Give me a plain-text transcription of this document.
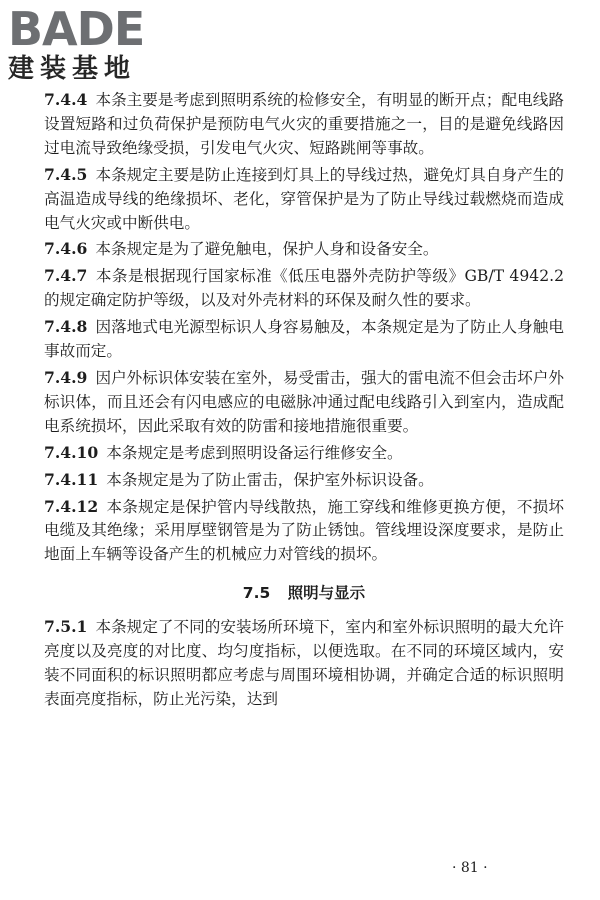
BADE
建装基地

7.4.4 本条主要是考虑到照明系统的检修安全，有明显的断开点；配电线路设置短路和过负荷保护是预防电气火灾的重要措施之一，目的是避免线路因过电流导致绝缘受损，引发电气火灾、短路跳闸等事故。

7.4.5 本条规定主要是防止连接到灯具上的导线过热，避免灯具自身产生的高温造成导线的绝缘损坏、老化，穿管保护是为了防止导线过载燃烧而造成电气火灾或中断供电。

7.4.6 本条规定是为了避免触电，保护人身和设备安全。

7.4.7 本条是根据现行国家标准《低压电器外壳防护等级》GB/T 4942.2 的规定确定防护等级，以及对外壳材料的环保及耐久性的要求。

7.4.8 因落地式电光源型标识人身容易触及，本条规定是为了防止人身触电事故而定。

7.4.9 因户外标识体安装在室外，易受雷击，强大的雷电流不但会击坏户外标识体，而且还会有闪电感应的电磁脉冲通过配电线路引入到室内，造成配电系统损坏，因此采取有效的防雷和接地措施很重要。

7.4.10 本条规定是考虑到照明设备运行维修安全。

7.4.11 本条规定是为了防止雷击，保护室外标识设备。

7.4.12 本条规定是保护管内导线散热，施工穿线和维修更换方便，不损坏电缆及其绝缘；采用厚壁钢管是为了防止锈蚀。管线埋设深度要求，是防止地面上车辆等设备产生的机械应力对管线的损坏。

7.5 照明与显示

7.5.1 本条规定了不同的安装场所环境下，室内和室外标识照明的最大允许亮度以及亮度的对比度、均匀度指标，以便选取。在不同的环境区域内，安装不同面积的标识照明都应考虑与周围环境相协调，并确定合适的标识照明表面亮度指标，防止光污染，达到

· 81 ·
